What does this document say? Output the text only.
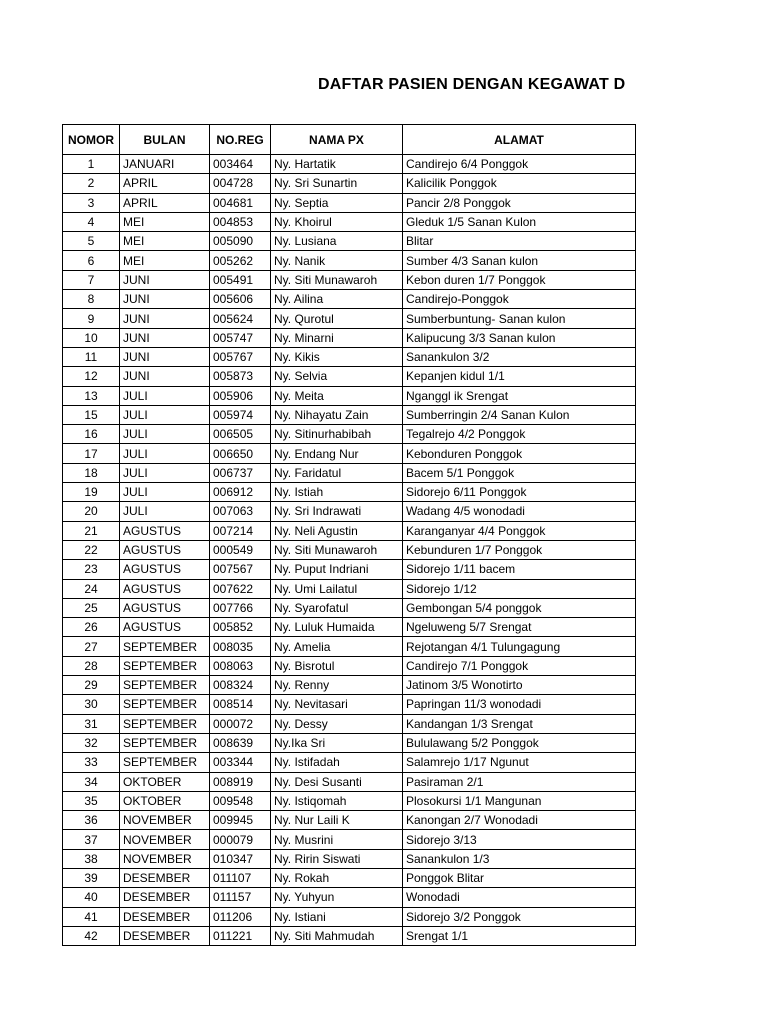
DAFTAR PASIEN DENGAN KEGAWAT D
NOMOR	BULAN	NO.REG	NAMA PX	ALAMAT
1	JANUARI	003464	Ny. Hartatik	Candirejo 6/4 Ponggok
2	APRIL	004728	Ny. Sri Sunartin	Kalicilik Ponggok
3	APRIL	004681	Ny. Septia	Pancir 2/8 Ponggok
4	MEI	004853	Ny. Khoirul	Gleduk 1/5 Sanan Kulon
5	MEI	005090	Ny. Lusiana	Blitar
6	MEI	005262	Ny. Nanik	Sumber 4/3 Sanan kulon
7	JUNI	005491	Ny. Siti Munawaroh	Kebon duren 1/7 Ponggok
8	JUNI	005606	Ny. Ailina	Candirejo-Ponggok
9	JUNI	005624	Ny. Qurotul	Sumberbuntung- Sanan kulon
10	JUNI	005747	Ny. Minarni	Kalipucung 3/3 Sanan kulon
11	JUNI	005767	Ny. Kikis	Sanankulon 3/2
12	JUNI	005873	Ny. Selvia	Kepanjen kidul 1/1
13	JULI	005906	Ny. Meita	Nganggl ik Srengat
15	JULI	005974	Ny. Nihayatu Zain	Sumberringin 2/4 Sanan Kulon
16	JULI	006505	Ny. Sitinurhabibah	Tegalrejo 4/2 Ponggok
17	JULI	006650	Ny. Endang Nur	Kebonduren Ponggok
18	JULI	006737	Ny. Faridatul	Bacem 5/1 Ponggok
19	JULI	006912	Ny. Istiah	Sidorejo 6/11 Ponggok
20	JULI	007063	Ny. Sri Indrawati	Wadang 4/5 wonodadi
21	AGUSTUS	007214	Ny. Neli Agustin	Karanganyar 4/4 Ponggok
22	AGUSTUS	000549	Ny. Siti Munawaroh	Kebunduren 1/7 Ponggok
23	AGUSTUS	007567	Ny. Puput Indriani	Sidorejo 1/11 bacem
24	AGUSTUS	007622	Ny. Umi Lailatul	Sidorejo 1/12
25	AGUSTUS	007766	Ny. Syarofatul	Gembongan 5/4 ponggok
26	AGUSTUS	005852	Ny. Luluk Humaida	Ngeluweng 5/7 Srengat
27	SEPTEMBER	008035	Ny. Amelia	Rejotangan 4/1 Tulungagung
28	SEPTEMBER	008063	Ny. Bisrotul	Candirejo 7/1 Ponggok
29	SEPTEMBER	008324	Ny. Renny	Jatinom 3/5 Wonotirto
30	SEPTEMBER	008514	Ny. Nevitasari	Papringan 11/3 wonodadi
31	SEPTEMBER	000072	Ny. Dessy	Kandangan 1/3 Srengat
32	SEPTEMBER	008639	Ny.Ika Sri	Bululawang 5/2 Ponggok
33	SEPTEMBER	003344	Ny. Istifadah	Salamrejo 1/17 Ngunut
34	OKTOBER	008919	Ny. Desi Susanti	Pasiraman 2/1
35	OKTOBER	009548	Ny. Istiqomah	Plosokursi 1/1 Mangunan
36	NOVEMBER	009945	Ny. Nur Laili K	Kanongan 2/7 Wonodadi
37	NOVEMBER	000079	Ny. Musrini	Sidorejo 3/13
38	NOVEMBER	010347	Ny. Ririn Siswati	Sanankulon 1/3
39	DESEMBER	011107	Ny. Rokah	Ponggok Blitar
40	DESEMBER	011157	Ny. Yuhyun	Wonodadi
41	DESEMBER	011206	Ny. Istiani	Sidorejo 3/2 Ponggok
42	DESEMBER	011221	Ny. Siti Mahmudah	Srengat 1/1
